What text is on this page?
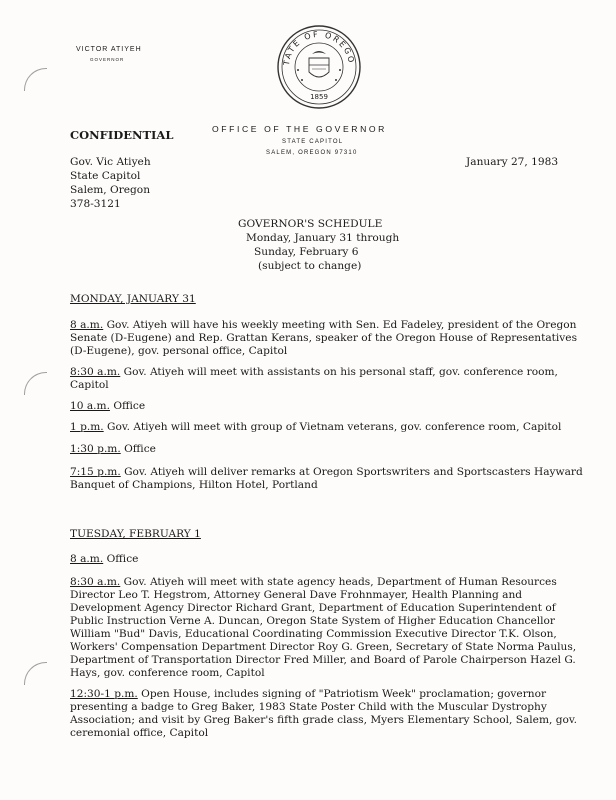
VICTOR ATIYEH
GOVERNOR	TATE OF OREGO
1859
OFFICE OF THE GOVERNOR
STATE CAPITOL
SALEM, OREGON 97310
CONFIDENTIAL
Gov. Vic Atiyeh
State Capitol
Salem, Oregon
378-3121
January 27, 1983
GOVERNOR'S SCHEDULE
Monday, January 31 through
Sunday, February 6
(subject to change)
MONDAY, JANUARY 31
8 a.m. Gov. Atiyeh will have his weekly meeting with Sen. Ed Fadeley, president of the Oregon
Senate (D-Eugene) and Rep. Grattan Kerans, speaker of the Oregon House of Representatives
(D-Eugene), gov. personal office, Capitol
8:30 a.m. Gov. Atiyeh will meet with assistants on his personal staff, gov. conference room,
Capitol
10 a.m. Office
1 p.m. Gov. Atiyeh will meet with group of Vietnam veterans, gov. conference room, Capitol
1:30 p.m. Office
7:15 p.m. Gov. Atiyeh will deliver remarks at Oregon Sportswriters and Sportscasters Hayward
Banquet of Champions, Hilton Hotel, Portland
TUESDAY, FEBRUARY 1
8 a.m. Office
8:30 a.m. Gov. Atiyeh will meet with state agency heads, Department of Human Resources
Director Leo T. Hegstrom, Attorney General Dave Frohnmayer, Health Planning and
Development Agency Director Richard Grant, Department of Education Superintendent of
Public Instruction Verne A. Duncan, Oregon State System of Higher Education Chancellor
William "Bud" Davis, Educational Coordinating Commission Executive Director T.K. Olson,
Workers' Compensation Department Director Roy G. Green, Secretary of State Norma Paulus,
Department of Transportation Director Fred Miller, and Board of Parole Chairperson Hazel G.
Hays, gov. conference room, Capitol
12:30-1 p.m. Open House, includes signing of "Patriotism Week" proclamation; governor
presenting a badge to Greg Baker, 1983 State Poster Child with the Muscular Dystrophy
Association; and visit by Greg Baker's fifth grade class, Myers Elementary School, Salem, gov.
ceremonial office, Capitol
